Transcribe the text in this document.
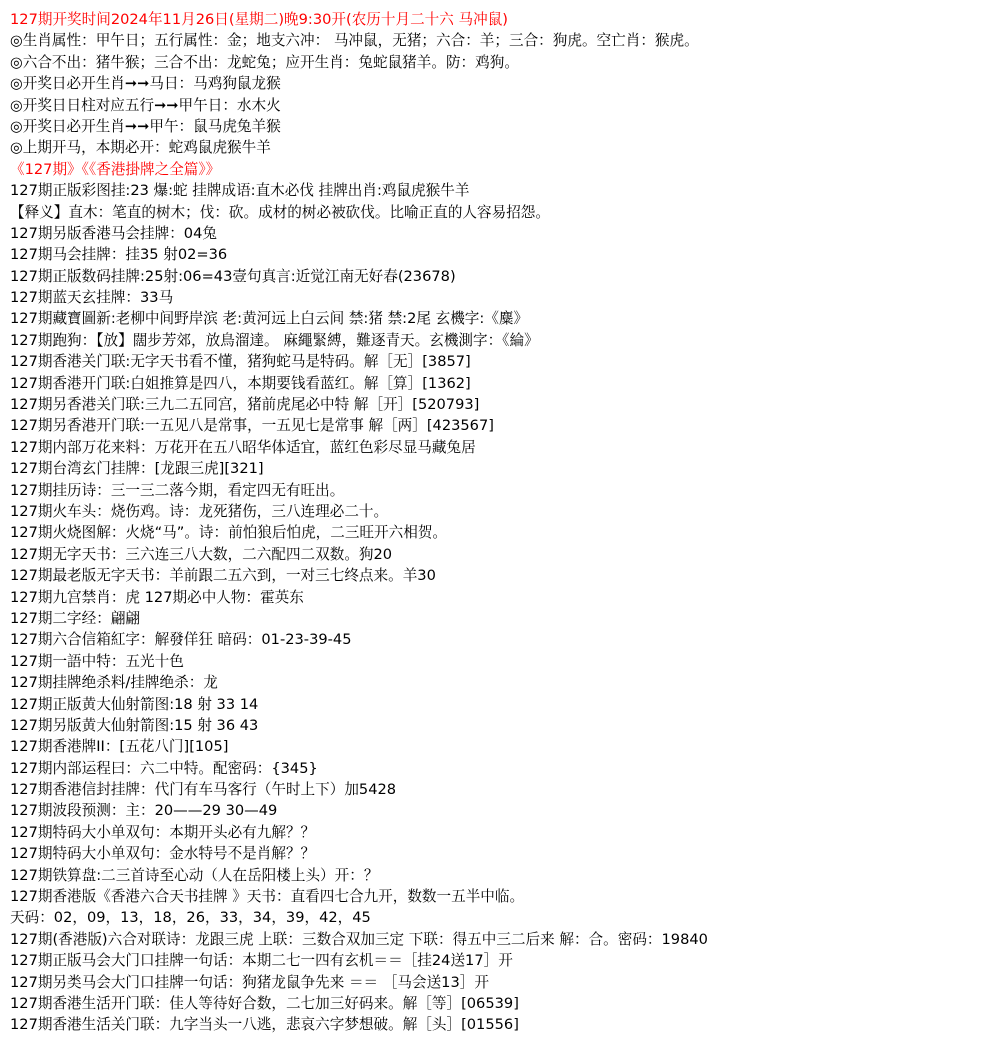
127期开奖时间2024年11月26日(星期二)晚9:30开(农历十月二十六 马冲鼠)
◎生肖属性：甲午日；五行属性：金；地支六冲： 马冲鼠，无猪；六合：羊；三合：狗虎。空亡肖：猴虎。
◎六合不出：猪牛猴；三合不出：龙蛇兔；应开生肖：兔蛇鼠猪羊。防：鸡狗。
◎开奖日必开生肖➞➞马日：马鸡狗鼠龙猴
◎开奖日日柱对应五行➞➞甲午日：水木火
◎开奖日必开生肖➞➞甲午：鼠马虎兔羊猴
◎上期开马，本期必开：蛇鸡鼠虎猴牛羊
《127期》《《香港掛牌之全篇》》
127期正版彩图挂:23 爆:蛇 挂牌成语:直木必伐 挂牌出肖:鸡鼠虎猴牛羊
【释义】直木：笔直的树木；伐：砍。成材的树必被砍伐。比喻正直的人容易招怨。
127期另版香港马会挂牌：04兔
127期马会挂牌：挂35 射02=36
127期正版数码挂牌:25射:06=43壹句真言:近觉江南无好春(23678)
127期蓝天玄挂牌：33马
127期藏寶圖新:老柳中间野岸滨 老:黄河远上白云间 禁:猪 禁:2尾 玄機字:《麋》
127期跑狗：【放】闊步芳郊，放鳥溜達。 麻繩緊縛，難逐青天。玄機測字：《綸》
127期香港关门联:无字天书看不懂，猪狗蛇马是特码。解［无］[3857]
127期香港开门联:白姐推算是四八，本期要钱看蓝红。解［算］[1362]
127期另香港关门联:三九二五同宫，猪前虎尾必中特 解［开］[520793]
127期另香港开门联:一五见八是常事，一五见七是常事 解［两］[423567]
127期内部万花来料：万花开在五八昭华体适宜，蓝红色彩尽显马藏兔居
127期台湾玄门挂牌：[龙跟三虎][321]
127期挂历诗：三一三二落今期，看定四无有旺出。
127期火车头：烧伤鸡。诗：龙死猪伤，三八连理必二十。
127期火烧图解：火烧“马”。诗：前怕狼后怕虎，二三旺开六相贺。
127期无字天书：三六连三八大数，二六配四二双数。狗20
127期最老版无字天书：羊前跟二五六到，一对三七终点来。羊30
127期九宫禁肖：虎 127期必中人物：霍英东
127期二字经：翩翩
127期六合信箱紅字：解發佯狂 暗码：01-23-39-45
127期一語中特：五光十色
127期挂牌绝杀料/挂牌绝杀：龙
127期正版黄大仙射箭图:18 射 33 14
127期另版黄大仙射箭图:15 射 36 43
127期香港牌II：[五花八门][105]
127期内部运程曰：六二中特。配密码：{345}
127期香港信封挂牌：代门有车马客行（午时上下）加5428
127期波段预测：主：20——29 30—49
127期特码大小单双句：本期开头必有九解？？
127期特码大小单双句：金水特号不是肖解？？
127期铁算盘:二三首诗至心动（人在岳阳楼上头）开：？
127期香港版《香港六合天书挂牌 》天书：直看四七合九开，数数一五半中临。
天码：02，09，13，18，26，33，34，39，42，45
127期(香港版)六合对联诗：龙跟三虎 上联：三数合双加三定 下联：得五中三二后来 解：合。密码：19840
127期正版马会大门口挂牌一句话：本期二七一四有玄机＝＝［挂24送17］开
127期另类马会大门口挂牌一句话：狗猪龙鼠争先来 ＝＝ ［马会送13］开
127期香港生活开门联：佳人等待好合数，二七加三好码来。解［等］[06539]
127期香港生活关门联：九字当头一八逃，悲哀六字梦想破。解［头］[01556]
